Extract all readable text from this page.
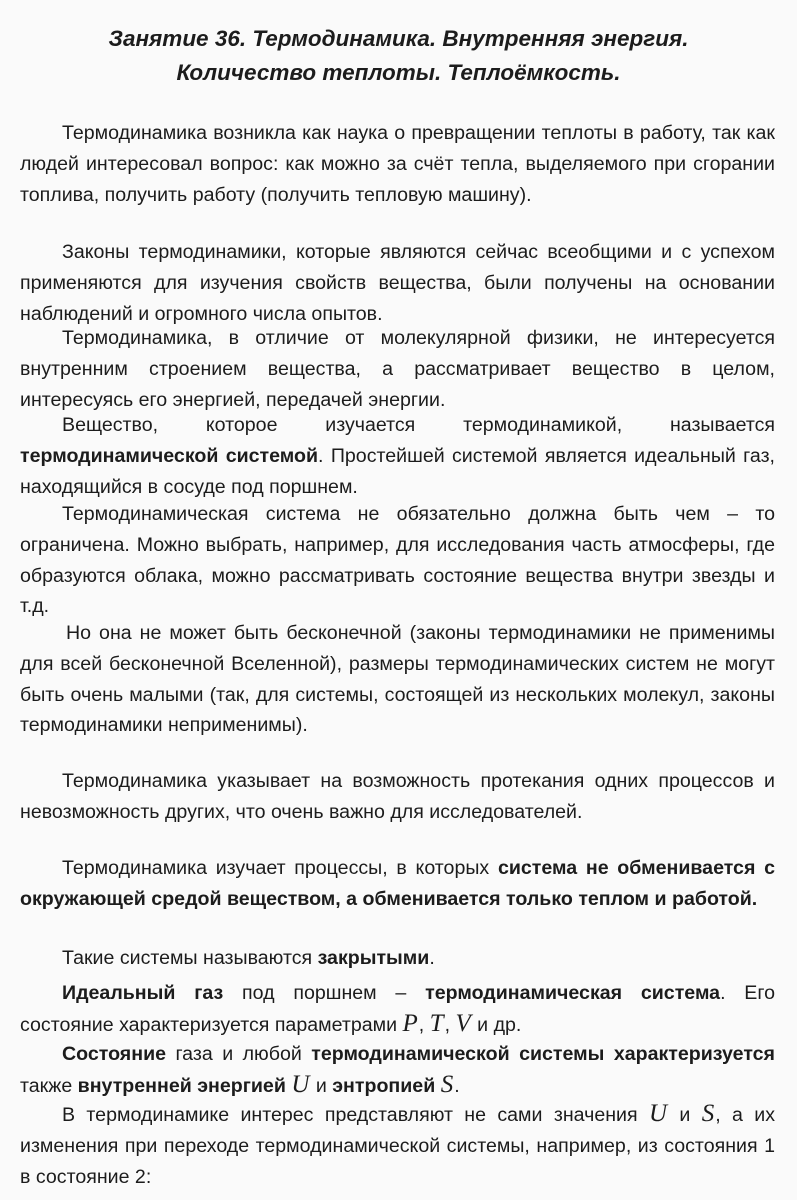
Занятие 36. Термодинамика. Внутренняя энергия.
Количество теплоты. Теплоёмкость.

Термодинамика возникла как наука о превращении теплоты в работу, так как людей интересовал вопрос: как можно за счёт тепла, выделяемого при сгорании топлива, получить работу (получить тепловую машину).

Законы термодинамики, которые являются сейчас всеобщими и с успехом применяются для изучения свойств вещества, были получены на основании наблюдений и огромного числа опытов.

Термодинамика, в отличие от молекулярной физики, не интересуется внутренним строением вещества, а рассматривает вещество в целом, интересуясь его энергией, передачей энергии.

Вещество, которое изучается термодинамикой, называется термодинамической системой. Простейшей системой является идеальный газ, находящийся в сосуде под поршнем.

Термодинамическая система не обязательно должна быть чем – то ограничена. Можно выбрать, например, для исследования часть атмосферы, где образуются облака, можно рассматривать состояние вещества внутри звезды и т.д.

Но она не может быть бесконечной (законы термодинамики не применимы для всей бесконечной Вселенной), размеры термодинамических систем не могут быть очень малыми (так, для системы, состоящей из нескольких молекул, законы термодинамики неприменимы).

Термодинамика указывает на возможность протекания одних процессов и невозможность других, что очень важно для исследователей.

Термодинамика изучает процессы, в которых система не обменивается с окружающей средой веществом, а обменивается только теплом и работой.

Такие системы называются закрытыми.

Идеальный газ под поршнем – термодинамическая система. Его состояние характеризуется параметрами P, T, V и др.

Состояние газа и любой термодинамической системы характеризуется также внутренней энергией U и энтропией S.

В термодинамике интерес представляют не сами значения U и S, а их изменения при переходе термодинамической системы, например, из состояния 1 в состояние 2:
